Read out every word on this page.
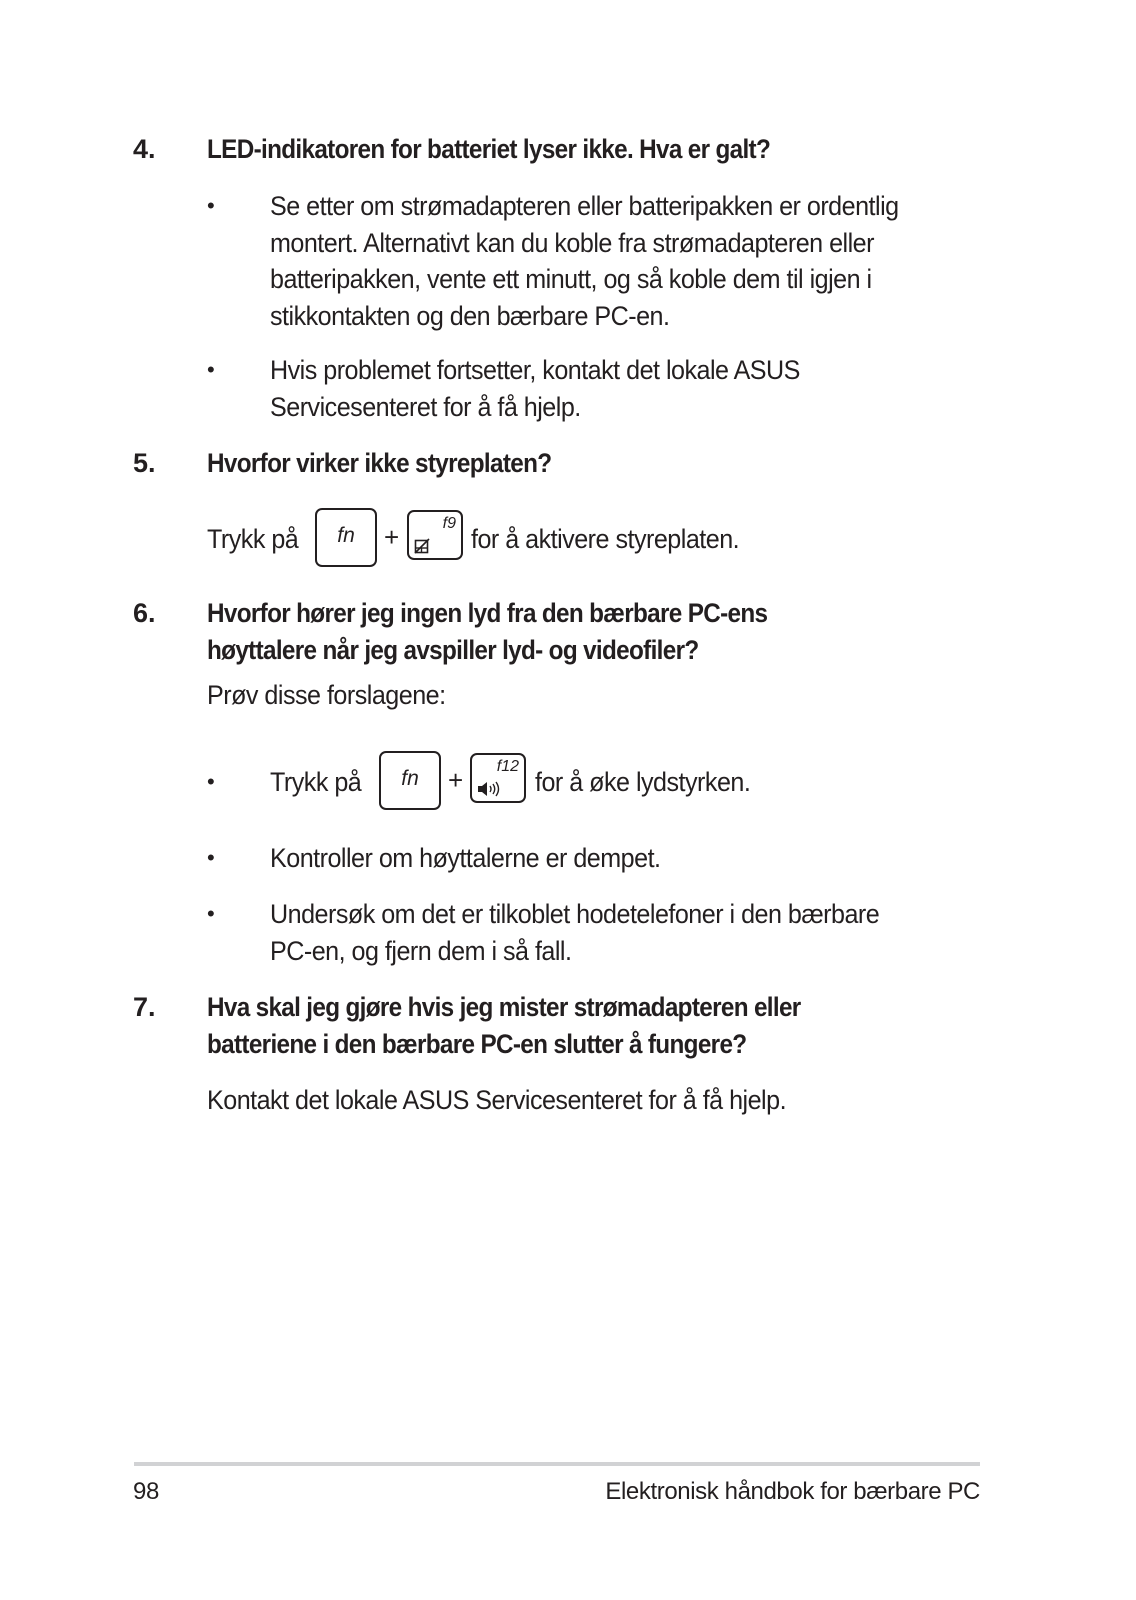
4. LED-indikatoren for batteriet lyser ikke. Hva er galt?
• Se etter om strømadapteren eller batteripakken er ordentlig
montert. Alternativt kan du koble fra strømadapteren eller
batteripakken, vente ett minutt, og så koble dem til igjen i
stikkontakten og den bærbare PC-en.
• Hvis problemet fortsetter, kontakt det lokale ASUS
Servicesenteret for å få hjelp.
5. Hvorfor virker ikke styreplaten?
Trykk på	fn	+	f9
for å aktivere styreplaten.
6. Hvorfor hører jeg ingen lyd fra den bærbare PC-ens
høyttalere når jeg avspiller lyd- og videofiler?
Prøv disse forslagene:
• Trykk på	fn	+ f12
for å øke lydstyrken.
• Kontroller om høyttalerne er dempet.
• Undersøk om det er tilkoblet hodetelefoner i den bærbare
PC-en, og fjern dem i så fall.
7. Hva skal jeg gjøre hvis jeg mister strømadapteren eller
batteriene i den bærbare PC-en slutter å fungere?
Kontakt det lokale ASUS Servicesenteret for å få hjelp.
98	Elektronisk håndbok for bærbare PC
